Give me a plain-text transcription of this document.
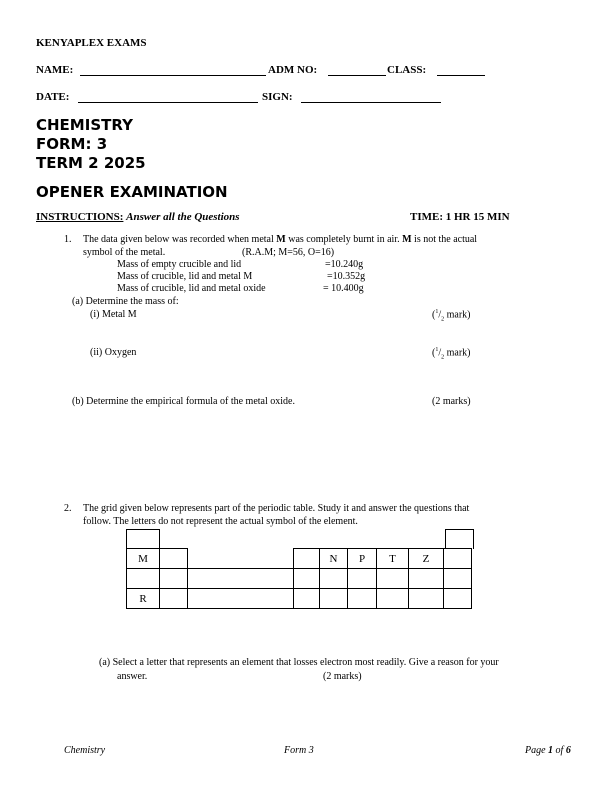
KENYAPLEX EXAMS
NAME:	ADM NO:	CLASS:
DATE:	SIGN:
CHEMISTRY
FORM: 3
TERM 2 2025
OPENER EXAMINATION
INSTRUCTIONS: Answer all the Questions	TIME: 1 HR 15 MIN
1. The data given below was recorded when metal M was completely burnt in air. M is not the actual
symbol of the metal.	(R.A.M; M=56, O=16)
Mass of empty crucible and lid	=10.240g
Mass of crucible, lid and metal M	=10.352g
Mass of crucible, lid and metal oxide	= 10.400g
(a) Determine the mass of:
(i) Metal M	($^1/_2$ mark)
(ii) Oxygen	($^1/_2$ mark)
(b) Determine the empirical formula of the metal oxide.	(2 marks)
2. The grid given below represents part of the periodic table. Study it and answer the questions that
follow. The letters do not represent the actual symbol of the element.
M				N	P	T	Z	

R								
(a) Select a letter that represents an element that losses electron most readily. Give a reason for your
answer.	(2 marks)
Chemistry	Form 3	Page 1 of 6
